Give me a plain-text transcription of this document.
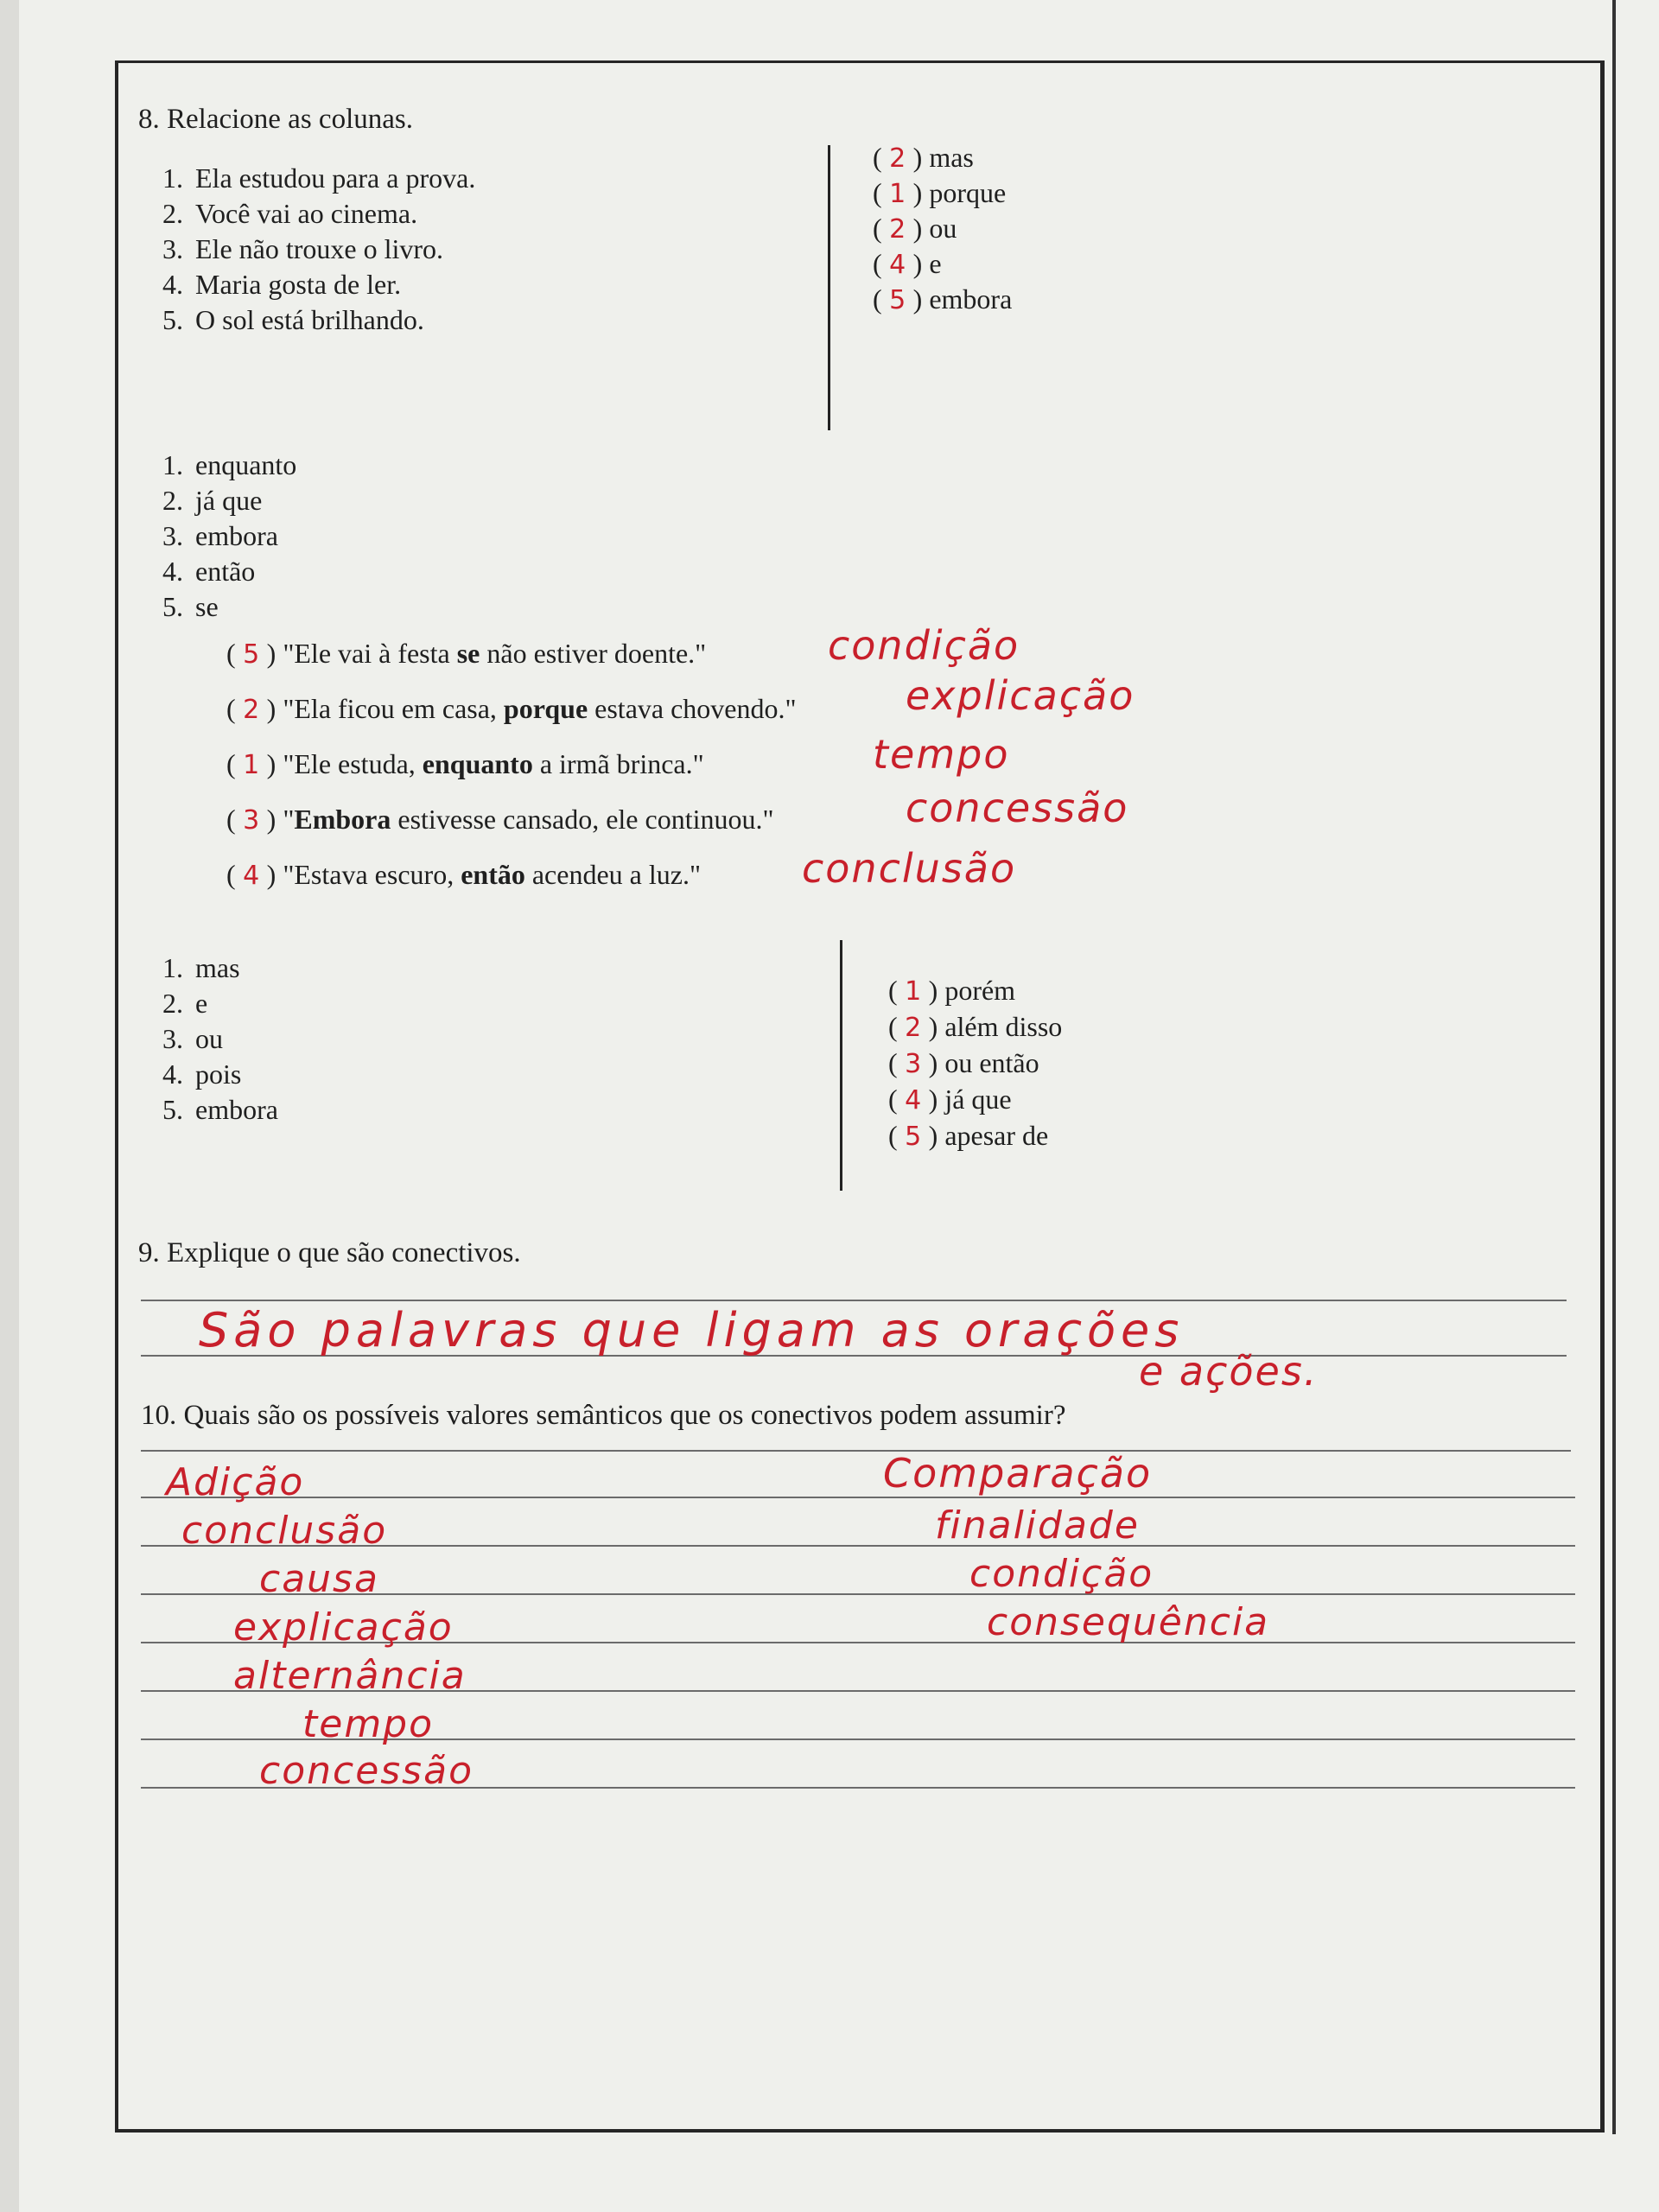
8. Relacione as colunas.
1. Ela estudou para a prova.
2. Você vai ao cinema.
3. Ele não trouxe o livro.
4. Maria gosta de ler.
5. O sol está brilhando.
( 2 ) mas
( 1 ) porque
( 2 ) ou
( 4 ) e
( 5 ) embora
1. enquanto
2. já que
3. embora
4. então
5. se
( 5 ) "Ele vai à festa se não estiver doente."
( 2 ) "Ela ficou em casa, porque estava chovendo."
( 1 ) "Ele estuda, enquanto a irmã brinca."
( 3 ) "Embora estivesse cansado, ele continuou."
( 4 ) "Estava escuro, então acendeu a luz."
condição
explicação
tempo
concessão
conclusão
1. mas
2. e
3. ou
4. pois
5. embora
( 1 ) porém
( 2 ) além disso
( 3 ) ou então
( 4 ) já que
( 5 ) apesar de
9. Explique o que são conectivos.
São palavras que ligam as orações
e ações.
10. Quais são os possíveis valores semânticos que os conectivos podem assumir?
Adição
conclusão
causa
explicação
alternância
tempo
concessão
Comparação
finalidade
condição
consequência
